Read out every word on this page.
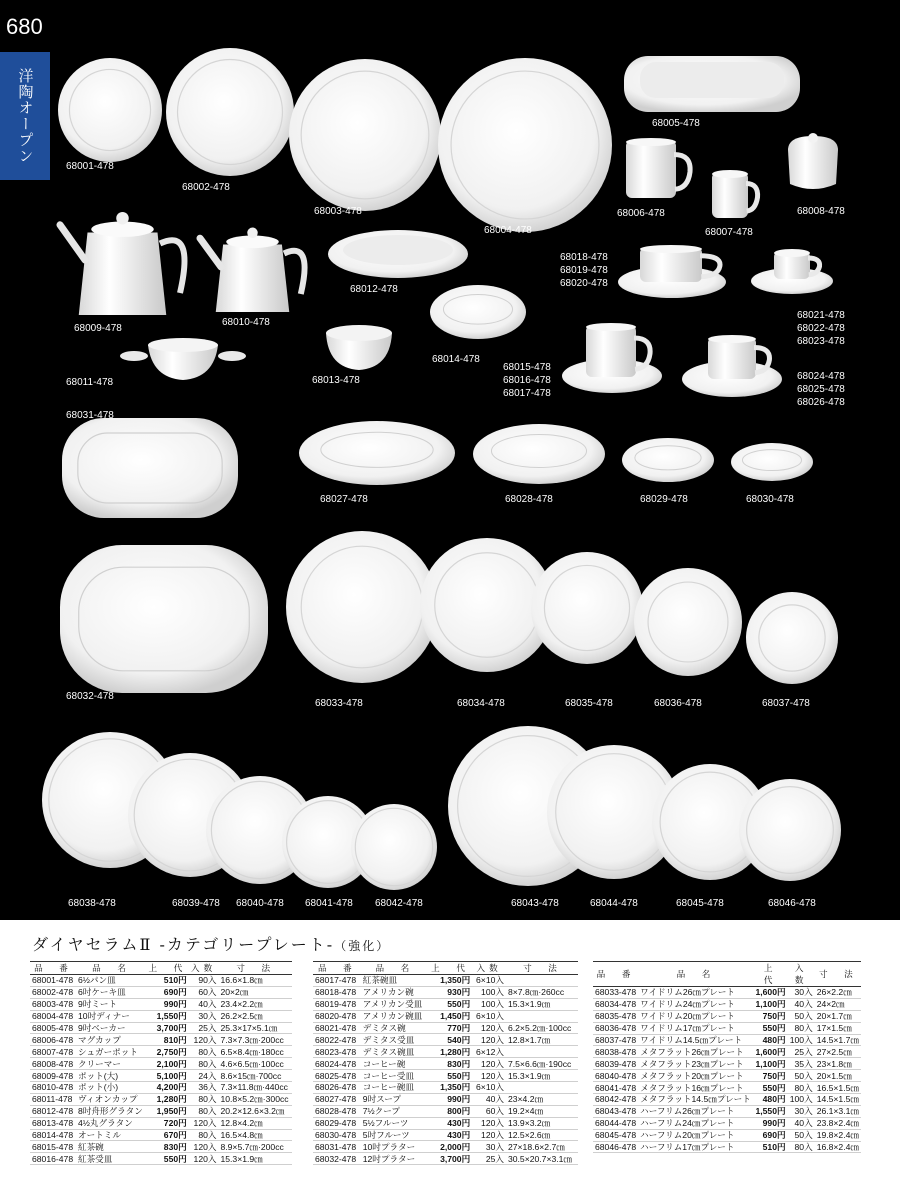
680
洋陶オープン
68001-478
68002-478
68003-478
68004-478
68005-478
68006-478
68007-478
68008-478
68009-478
68010-478
68012-478
68018-478
68019-478
68020-478
68011-478	68013-478
68014-478
68015-478
68016-478
68017-478
68021-478
68022-478
68023-478
68024-478
68025-478
68026-478
68031-478
68027-478	68028-478	68029-478	68030-478
68032-478
68033-478	68034-478	68035-478	68036-478	68037-478
68038-478	68039-478 68040-478 68041-478 68042-478	68043-478	68044-478	68045-478	68046-478
ダイヤセラムⅡ -カテゴリープレート-（強化）
品　番	品　名	上　代	入数	寸　法
68001-478	6½パン皿	510円	90入	16.6×1.8㎝
68002-478	6吋ケーキ皿	690円	60入	20×2㎝
68003-478	9吋ミート	990円	40入	23.4×2.2㎝
68004-478	10吋ディナー	1,550円	30入	26.2×2.5㎝
68005-478	9吋ベーカー	3,700円	25入	25.3×17×5.1㎝
68006-478	マグカップ	810円	120入	7.3×7.3㎝·200cc
68007-478	シュガーポット	2,750円	80入	6.5×8.4㎝·180cc
68008-478	クリーマー	2,100円	80入	4.6×6.5㎝·100cc
68009-478	ポット(大)	5,100円	24入	8.6×15㎝·700cc
68010-478	ポット(小)	4,200円	36入	7.3×11.8㎝·440cc
68011-478	ヴィオンカップ	1,280円	80入	10.8×5.2㎝·300cc
68012-478	8吋舟形グラタン	1,950円	80入	20.2×12.6×3.2㎝
68013-478	4½丸グラタン	720円	120入	12.8×4.2㎝
68014-478	オートミル	670円	80入	16.5×4.8㎝
68015-478	紅茶碗	830円	120入	8.9×5.7㎝·200cc
68016-478	紅茶受皿	550円	120入	15.3×1.9㎝
品　番	品　名	上　代	入数	寸　法
68017-478	紅茶碗皿	1,350円	6×10入	
68018-478	アメリカン碗	930円	100入	8×7.8㎝·260cc
68019-478	アメリカン受皿	550円	100入	15.3×1.9㎝
68020-478	アメリカン碗皿	1,450円	6×10入	
68021-478	デミタス碗	770円	120入	6.2×5.2㎝·100cc
68022-478	デミタス受皿	540円	120入	12.8×1.7㎝
68023-478	デミタス碗皿	1,280円	6×12入	
68024-478	コーヒー碗	830円	120入	7.5×6.6㎝·190cc
68025-478	コーヒー受皿	550円	120入	15.3×1.9㎝
68026-478	コーヒー碗皿	1,350円	6×10入	
68027-478	9吋スープ	990円	40入	23×4.2㎝
68028-478	7½クープ	800円	60入	19.2×4㎝
68029-478	5½フルーツ	430円	120入	13.9×3.2㎝
68030-478	5吋フルーツ	430円	120入	12.5×2.6㎝
68031-478	10吋プラター	2,000円	30入	27×18.6×2.7㎝
68032-478	12吋プラター	3,700円	25入	30.5×20.7×3.1㎝
品　番	品　名	上　代	入数	寸　法
68033-478	ワイドリム26㎝プレート	1,600円	30入	26×2.2㎝
68034-478	ワイドリム24㎝プレート	1,100円	40入	24×2㎝
68035-478	ワイドリム20㎝プレート	750円	50入	20×1.7㎝
68036-478	ワイドリム17㎝プレート	550円	80入	17×1.5㎝
68037-478	ワイドリム14.5㎝プレート	480円	100入	14.5×1.7㎝
68038-478	メタフラット26㎝プレート	1,600円	25入	27×2.5㎝
68039-478	メタフラット23㎝プレート	1,100円	35入	23×1.8㎝
68040-478	メタフラット20㎝プレート	750円	50入	20×1.5㎝
68041-478	メタフラット16㎝プレート	550円	80入	16.5×1.5㎝
68042-478	メタフラット14.5㎝プレート	480円	100入	14.5×1.5㎝
68043-478	ハーフリム26㎝プレート	1,550円	30入	26.1×3.1㎝
68044-478	ハーフリム24㎝プレート	990円	40入	23.8×2.4㎝
68045-478	ハーフリム20㎝プレート	690円	50入	19.8×2.4㎝
68046-478	ハーフリム17㎝プレート	510円	80入	16.8×2.4㎝
